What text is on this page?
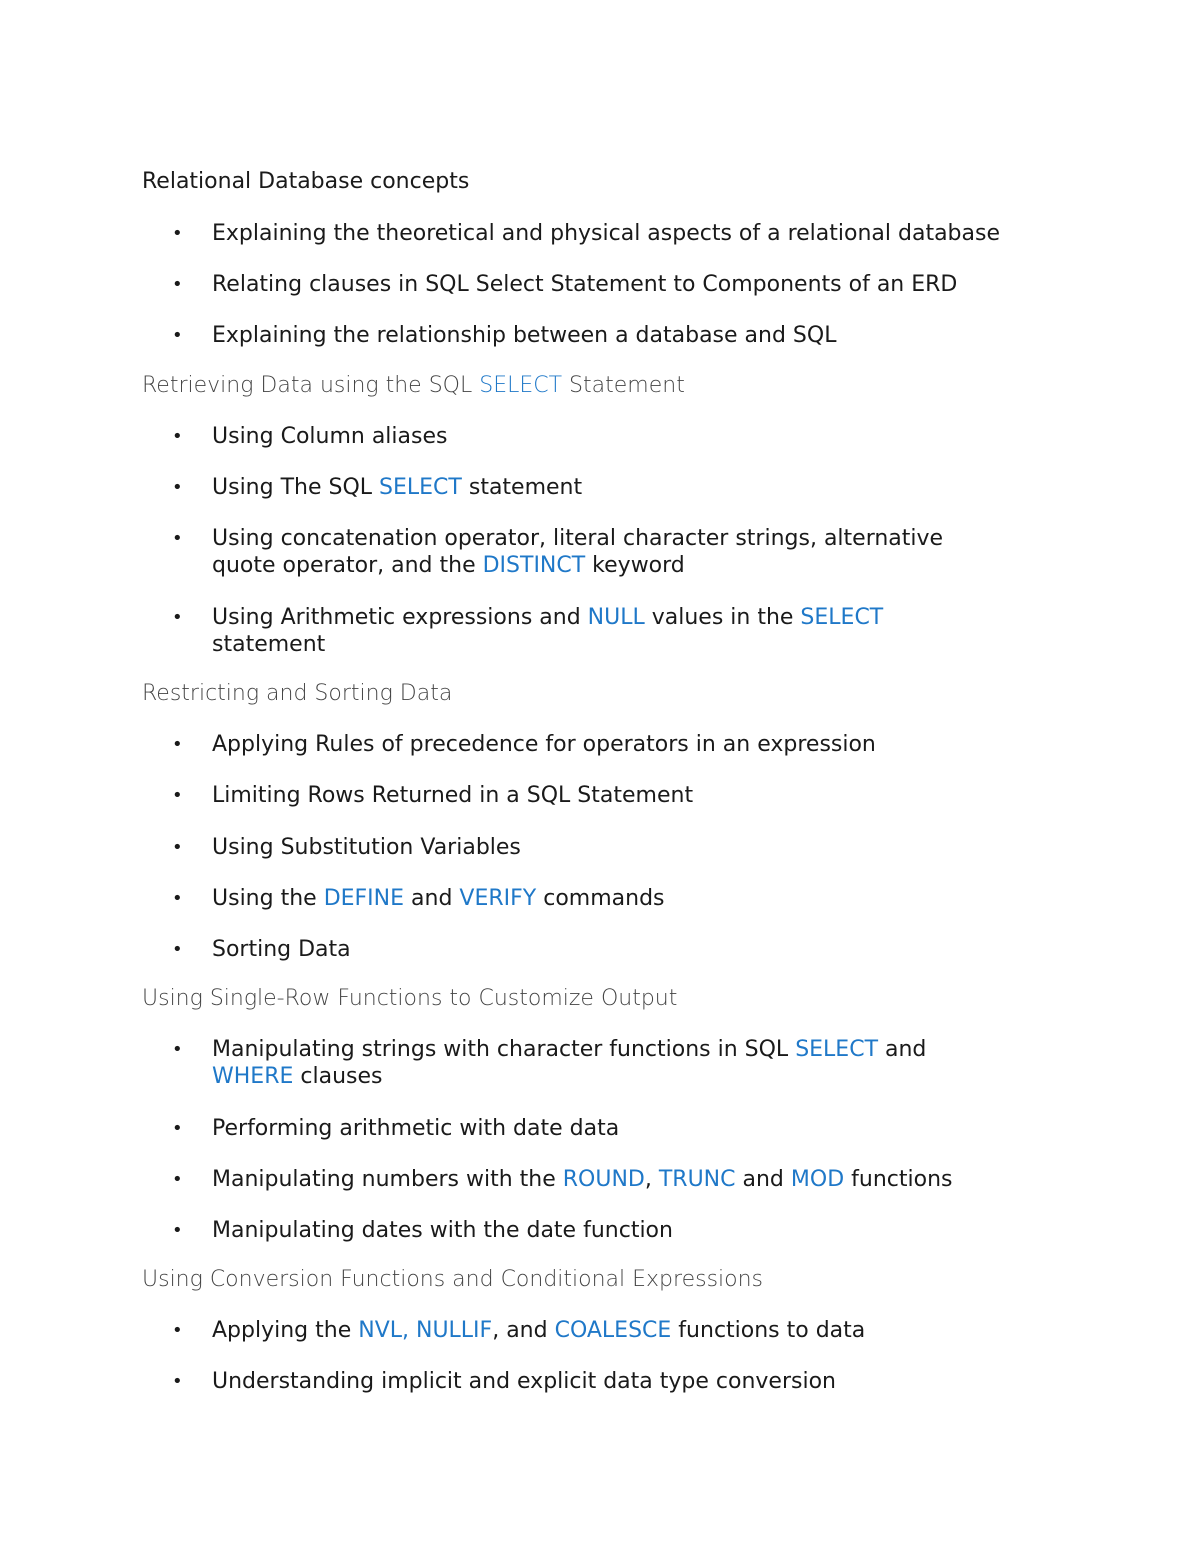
Relational Database concepts
•	Explaining the theoretical and physical aspects of a relational database
•	Relating clauses in SQL Select Statement to Components of an ERD
•	Explaining the relationship between a database and SQL
Retrieving Data using the SQL SELECT Statement
•	Using Column aliases
•	Using The SQL SELECT statement
•	Using concatenation operator, literal character strings, alternative quote operator, and the DISTINCT keyword
•	Using Arithmetic expressions and NULL values in the SELECT statement
Restricting and Sorting Data
•	Applying Rules of precedence for operators in an expression
•	Limiting Rows Returned in a SQL Statement
•	Using Substitution Variables
•	Using the DEFINE and VERIFY commands
•	Sorting Data
Using Single-Row Functions to Customize Output
•	Manipulating strings with character functions in SQL SELECT and WHERE clauses
•	Performing arithmetic with date data
•	Manipulating numbers with the ROUND, TRUNC and MOD functions
•	Manipulating dates with the date function
Using Conversion Functions and Conditional Expressions
•	Applying the NVL, NULLIF, and COALESCE functions to data
•	Understanding implicit and explicit data type conversion
